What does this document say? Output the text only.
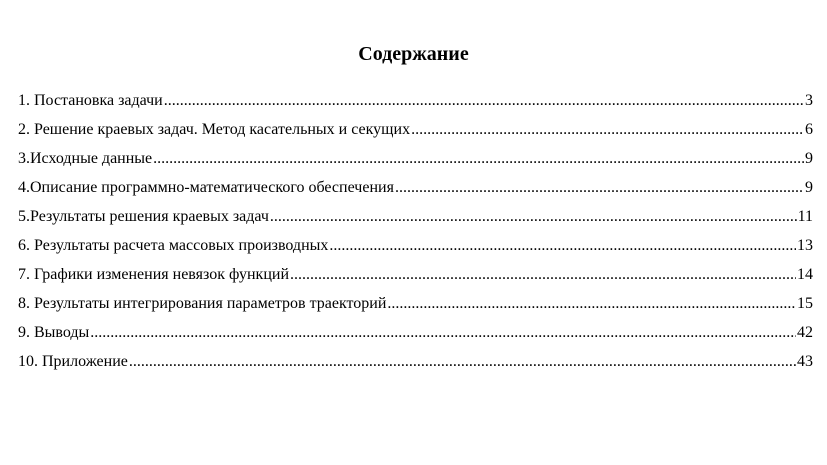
Содержание
1. Постановка задачи .....	3
2. Решение краевых задач. Метод касательных и секущих .....	6
3.Исходные данные .....	9
4.Описание программно-математического обеспечения .....	9
5.Результаты решения краевых задач .....	11
6. Результаты расчета массовых производных .....	13
7. Графики изменения невязок функций .....	14
8. Результаты интегрирования параметров траекторий .....	15
9. Выводы .....	42
10. Приложение .....	43
